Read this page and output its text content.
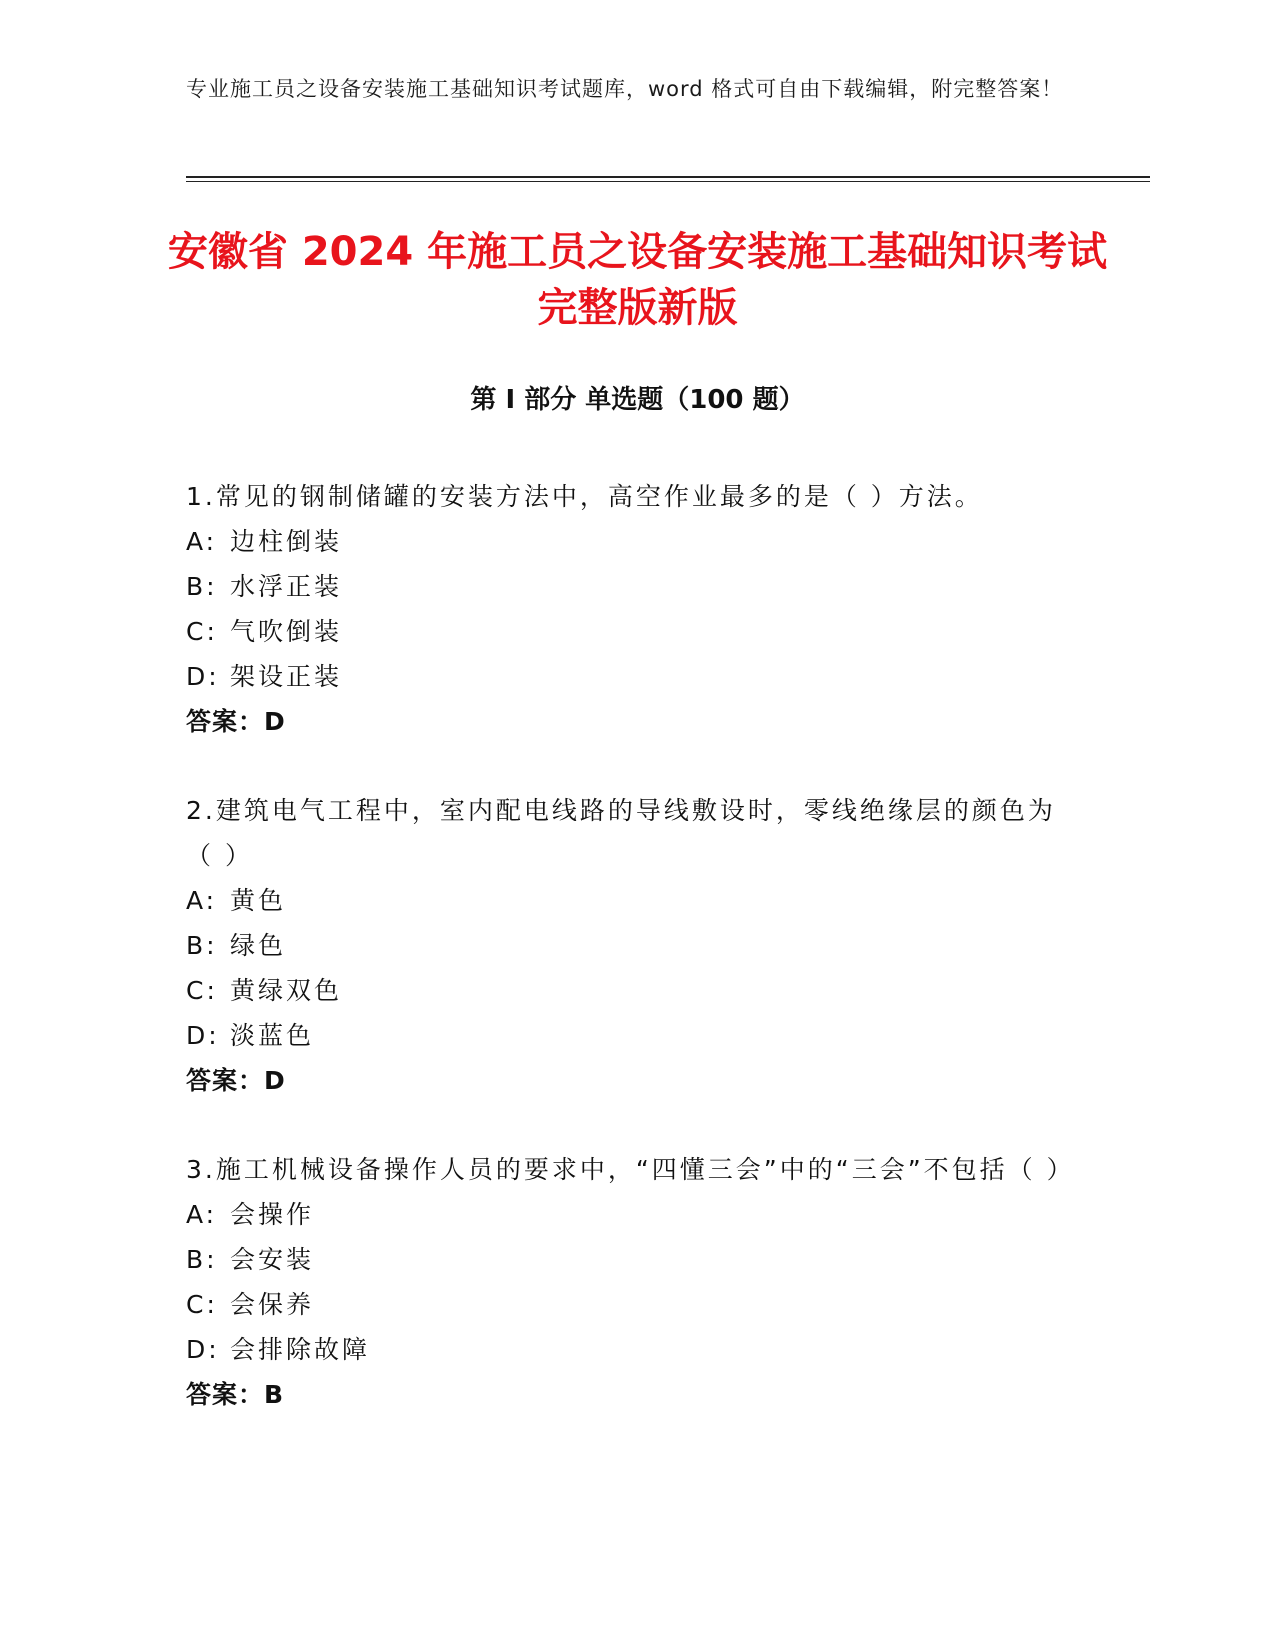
专业施工员之设备安装施工基础知识考试题库，word 格式可自由下载编辑，附完整答案！
安徽省 2024 年施工员之设备安装施工基础知识考试完整版新版
第 I 部分 单选题（100 题）
1.常见的钢制储罐的安装方法中，高空作业最多的是（ ）方法。
A: 边柱倒装
B: 水浮正装
C: 气吹倒装
D: 架设正装
答案：D
2.建筑电气工程中，室内配电线路的导线敷设时，零线绝缘层的颜色为（ ）
A: 黄色
B: 绿色
C: 黄绿双色
D: 淡蓝色
答案：D
3.施工机械设备操作人员的要求中，“四懂三会”中的“三会”不包括（ ）
A: 会操作
B: 会安装
C: 会保养
D: 会排除故障
答案：B
